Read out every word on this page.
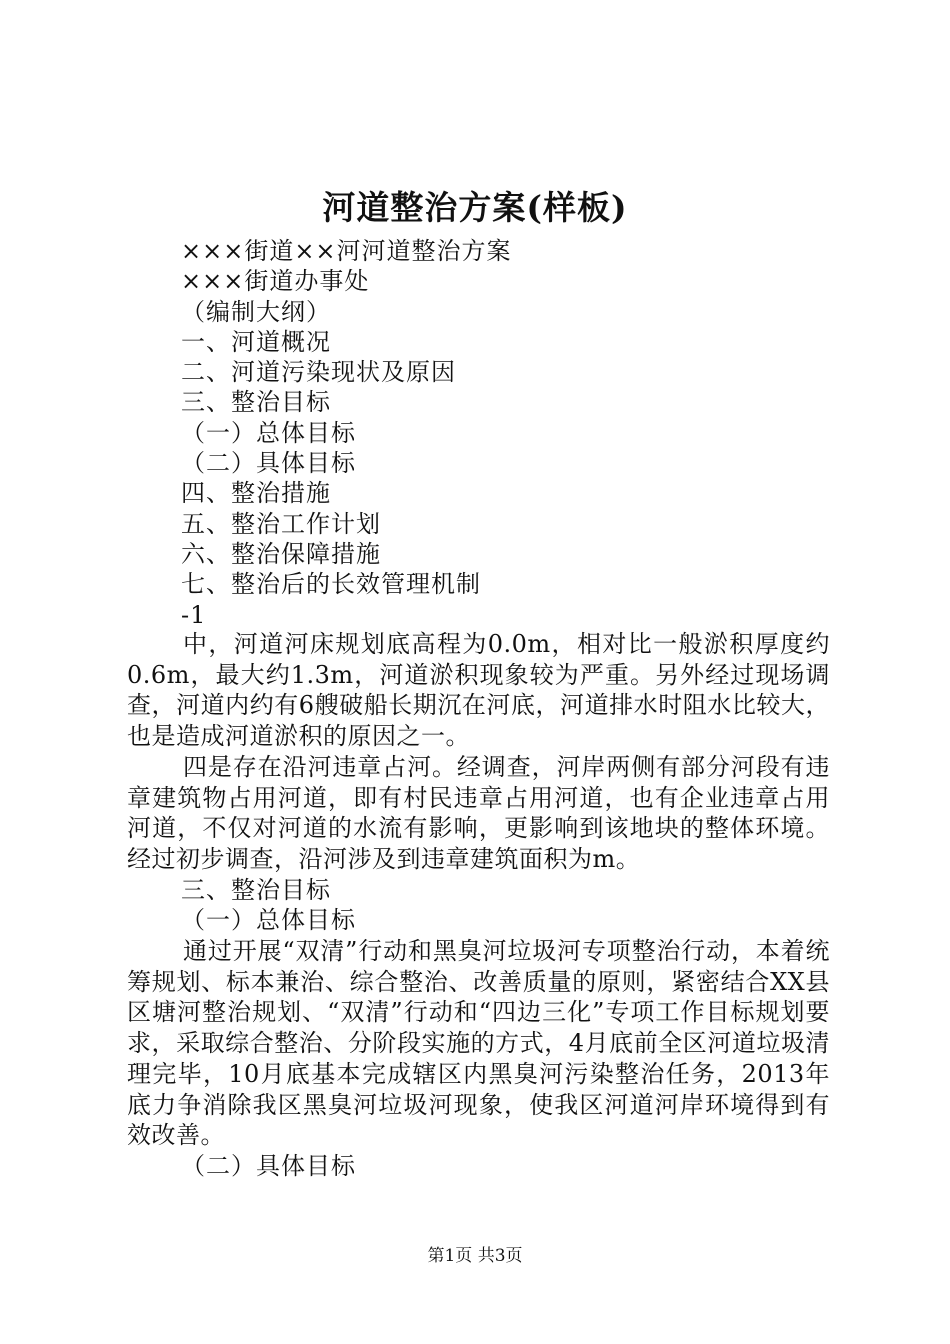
河道整治方案(样板)
×××街道××河河道整治方案
×××街道办事处
（编制大纲）
一、河道概况
二、河道污染现状及原因
三、整治目标
（一）总体目标
（二）具体目标
四、整治措施
五、整治工作计划
六、整治保障措施
七、整治后的长效管理机制
-1

中，河道河床规划底高程为0.0m，相对比一般淤积厚度约0.6m，最大约1.3m，河道淤积现象较为严重。另外经过现场调查，河道内约有6艘破船长期沉在河底，河道排水时阻水比较大，也是造成河道淤积的原因之一。

四是存在沿河违章占河。经调查，河岸两侧有部分河段有违章建筑物占用河道，即有村民违章占用河道，也有企业违章占用河道，不仅对河道的水流有影响，更影响到该地块的整体环境。经过初步调查，沿河涉及到违章建筑面积为m。

三、整治目标

（一）总体目标

通过开展“双清”行动和黑臭河垃圾河专项整治行动，本着统筹规划、标本兼治、综合整治、改善质量的原则，紧密结合XX县区塘河整治规划、“双清”行动和“四边三化”专项工作目标规划要求，采取综合整治、分阶段实施的方式，4月底前全区河道垃圾清理完毕，10月底基本完成辖区内黑臭河污染整治任务，2013年底力争消除我区黑臭河垃圾河现象，使我区河道河岸环境得到有效改善。

（二）具体目标

第1页 共3页
